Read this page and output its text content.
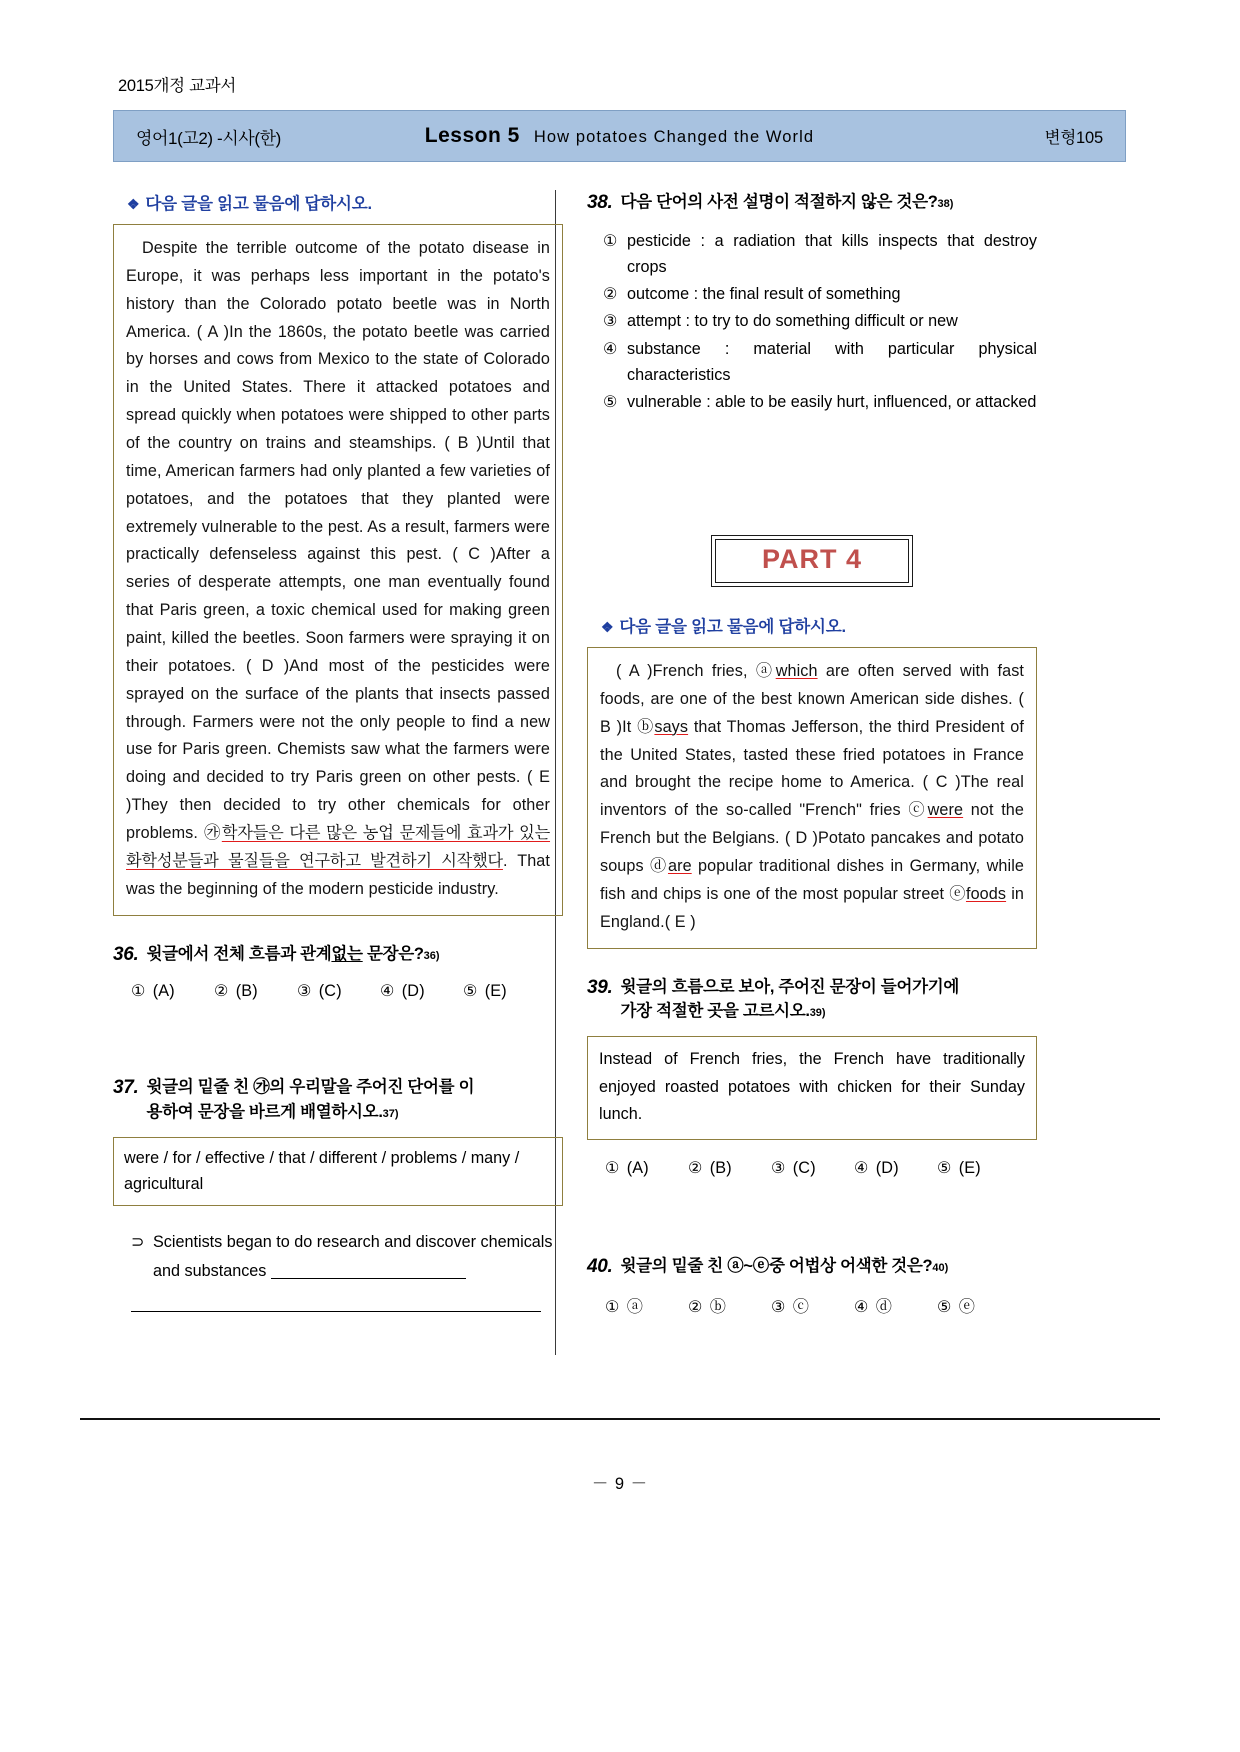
2015개정 교과서
영어1(고2) -시사(한)	Lesson 5 How potatoes Changed the World	변형105
❖ 다음 글을 읽고 물음에 답하시오.

Despite the terrible outcome of the potato disease in Europe, it was perhaps less important in the potato's history than the Colorado potato beetle was in North America. ( A )In the 1860s, the potato beetle was carried by horses and cows from Mexico to the state of Colorado in the United States. There it attacked potatoes and spread quickly when potatoes were shipped to other parts of the country on trains and steamships. ( B )Until that time, American farmers had only planted a few varieties of potatoes, and the potatoes that they planted were extremely vulnerable to the pest. As a result, farmers were practically defenseless against this pest. ( C )After a series of desperate attempts, one man eventually found that Paris green, a toxic chemical used for making green paint, killed the beetles. Soon farmers were spraying it on their potatoes. ( D )And most of the pesticides were sprayed on the surface of the plants that insects passed through. Farmers were not the only people to find a new use for Paris green. Chemists saw what the farmers were doing and decided to try Paris green on other pests. ( E )They then decided to try other chemicals for other problems. ㉮학자들은 다른 많은 농업 문제들에 효과가 있는 화학성분들과 물질들을 연구하고 발견하기 시작했다. That was the beginning of the modern pesticide industry.

36. 윗글에서 전체 흐름과 관계없는 문장은?36)
① (A)	② (B)	③ (C)	④ (D)	⑤ (E)
37. 윗글의 밑줄 친 ㉮의 우리말을 주어진 단어를 이
용하여 문장을 바르게 배열하시오.37)
were / for / effective / that / different / problems / many / agricultural
⊃ Scientists began to do research and discover chemicals and substances
38. 다음 단어의 사전 설명이 적절하지 않은 것은?38)
① pesticide : a radiation that kills inspects that destroy crops
② outcome : the final result of something
③ attempt : to try to do something difficult or new
④ substance : material with particular physical characteristics
⑤ vulnerable : able to be easily hurt, influenced, or attacked
PART 4
❖ 다음 글을 읽고 물음에 답하시오.

( A )French fries, ⓐwhich are often served with fast foods, are one of the best known American side dishes. ( B )It ⓑsays that Thomas Jefferson, the third President of the United States, tasted these fried potatoes in France and brought the recipe home to America. ( C )The real inventors of the so-called "French" fries ⓒwere not the French but the Belgians. ( D )Potato pancakes and potato soups ⓓare popular traditional dishes in Germany, while fish and chips is one of the most popular street ⓔfoods in England.( E )

39. 윗글의 흐름으로 보아, 주어진 문장이 들어가기에
가장 적절한 곳을 고르시오.39)
Instead of French fries, the French have traditionally enjoyed roasted potatoes with chicken for their Sunday lunch.
① (A)	② (B)	③ (C)	④ (D)	⑤ (E)
40. 윗글의 밑줄 친 ⓐ~ⓔ중 어법상 어색한 것은?40)
① ⓐ	② ⓑ	③ ⓒ	④ ⓓ	⑤ ⓔ
－ 9 －
